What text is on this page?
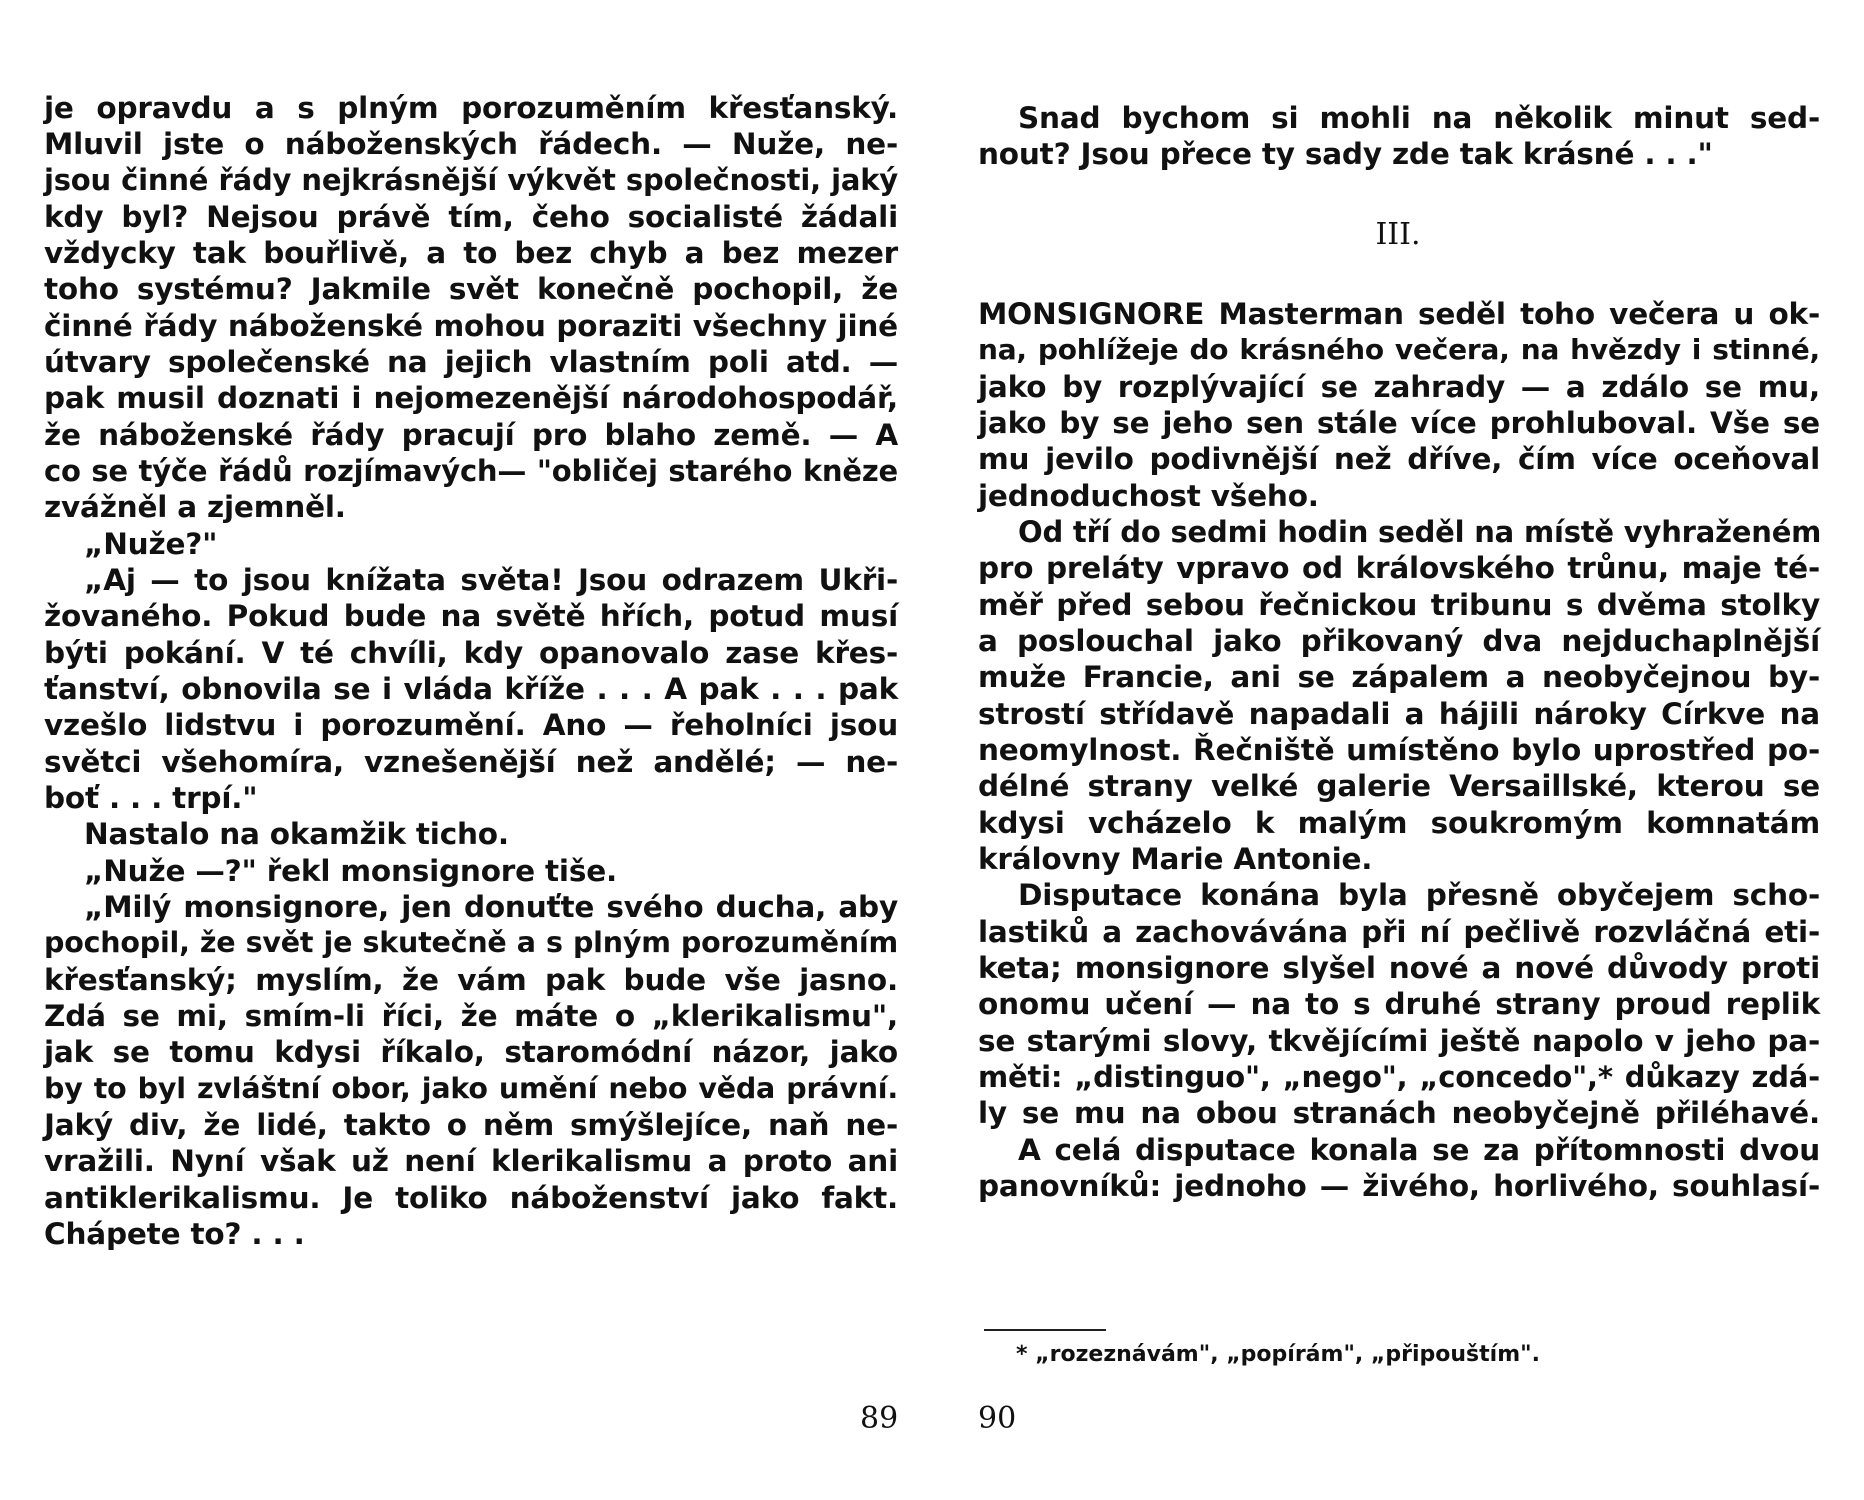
je opravdu a s plným porozuměním křesťanský.
Mluvil jste o náboženských řádech. — Nuže, ne-
jsou činné řády nejkrásnější výkvět společnosti, jaký
kdy byl? Nejsou právě tím, čeho socialisté žádali
vždycky tak bouřlivě, a to bez chyb a bez mezer
toho systému? Jakmile svět konečně pochopil, že
činné řády náboženské mohou poraziti všechny jiné
útvary společenské na jejich vlastním poli atd. —
pak musil doznati i nejomezenější národohospodář,
že náboženské řády pracují pro blaho země. — A
co se týče řádů rozjímavých— "obličej starého kněze
zvážněl a zjemněl.
„Nuže?"
„Aj — to jsou knížata světa! Jsou odrazem Ukři-
žovaného. Pokud bude na světě hřích, potud musí
býti pokání. V té chvíli, kdy opanovalo zase křes-
ťanství, obnovila se i vláda kříže . . . A pak . . . pak
vzešlo lidstvu i porozumění. Ano — řeholníci jsou
světci všehomíra, vznešenější než andělé; — ne-
boť . . . trpí."
Nastalo na okamžik ticho.
„Nuže —?" řekl monsignore tiše.
„Milý monsignore, jen donuťte svého ducha, aby
pochopil, že svět je skutečně a s plným porozuměním
křesťanský; myslím, že vám pak bude vše jasno.
Zdá se mi, smím-li říci, že máte o „klerikalismu",
jak se tomu kdysi říkalo, staromódní názor, jako
by to byl zvláštní obor, jako umění nebo věda právní.
Jaký div, že lidé, takto o něm smýšlejíce, naň ne-
vražili. Nyní však už není klerikalismu a proto ani
antiklerikalismu. Je toliko náboženství jako fakt.
Chápete to? . . .
89
Snad bychom si mohli na několik minut sed-
nout? Jsou přece ty sady zde tak krásné . . ."
III.
MONSIGNORE Masterman seděl toho večera u ok-
na, pohlížeje do krásného večera, na hvězdy i stinné,
jako by rozplývající se zahrady — a zdálo se mu,
jako by se jeho sen stále více prohluboval. Vše se
mu jevilo podivnější než dříve, čím více oceňoval
jednoduchost všeho.
Od tří do sedmi hodin seděl na místě vyhraženém
pro preláty vpravo od královského trůnu, maje té-
měř před sebou řečnickou tribunu s dvěma stolky
a poslouchal jako přikovaný dva nejduchaplnější
muže Francie, ani se zápalem a neobyčejnou by-
strostí střídavě napadali a hájili nároky Církve na
neomylnost. Řečniště umístěno bylo uprostřed po-
délné strany velké galerie Versaillské, kterou se
kdysi vcházelo k malým soukromým komnatám
královny Marie Antonie.
Disputace konána byla přesně obyčejem scho-
lastiků a zachovávána při ní pečlivě rozvláčná eti-
keta; monsignore slyšel nové a nové důvody proti
onomu učení — na to s druhé strany proud replik
se starými slovy, tkvějícími ještě napolo v jeho pa-
měti: „distinguo", „nego", „concedo",* důkazy zdá-
ly se mu na obou stranách neobyčejně přiléhavé.
A celá disputace konala se za přítomnosti dvou
panovníků: jednoho — živého, horlivého, souhlasí-
* „rozeznávám", „popírám", „připouštím".
90
